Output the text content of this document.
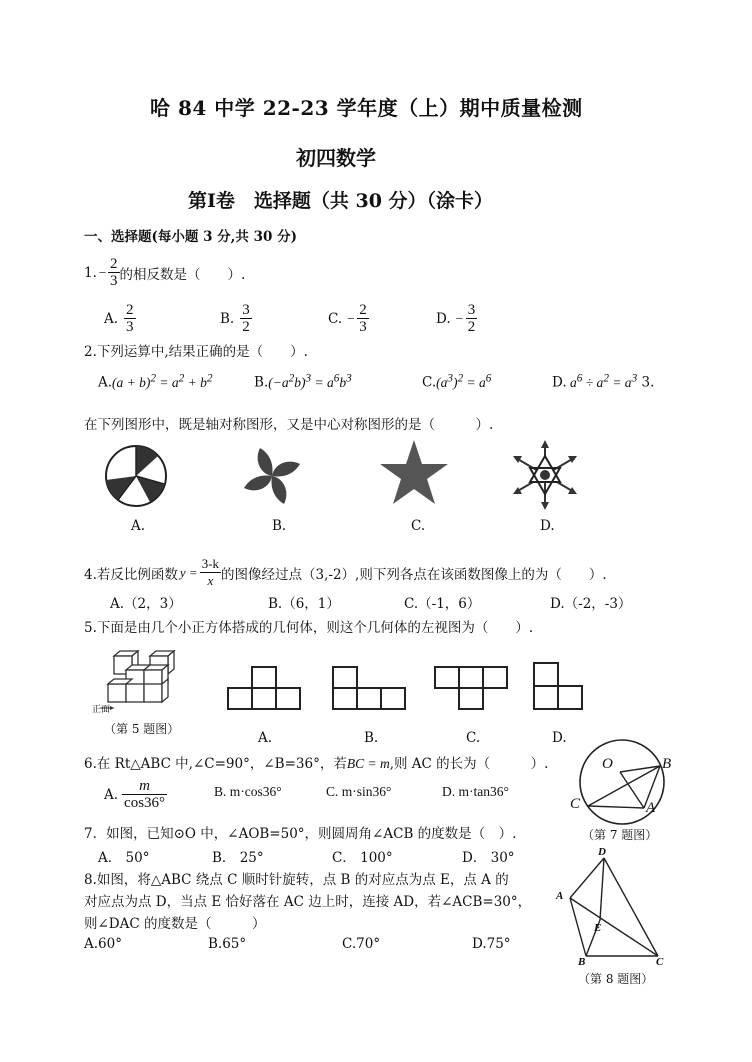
哈 84 中学 22-23 学年度（上）期中质量检测
初四数学
第Ⅰ卷　选择题（共 30 分）（涂卡）
一、选择题(每小题 3 分,共 30 分)
1. − $\frac{2}{3}$ 的相反数是（　　）.
A. $\frac{2}{3}$	B. $\frac{3}{2}$	C. − $\frac{2}{3}$	D. − $\frac{3}{2}$
2.下列运算中,结果正确的是（　　）.
$A.(a + b)^2 = a^2 + b^2$	$B.(-a^2b)^3 = a^6b^3$	$C.(a^3)^2 = a^6$	D. $a^6 \div a^2 = a^3$ 3.
在下列图形中，既是轴对称图形，又是中心对称图形的是（　　　）.
A.	B.	C.	D.
4.若反比例函数 $y = \frac{3-k}{x}$ 的图像经过点（3,-2）,则下列各点在该函数图像上的为（　　）.
A.（2，3）	B.（6，1）	C.（-1，6）	D.（-2，-3）
5.下面是由几个小正方体搭成的几何体，则这个几何体的左视图为（　　）.
正面
（第 5 题图）
A.	B.	C.	D.
6.在 Rt△ABC 中,∠C=90°，∠B=36°，若BC = m,则 AC 的长为（　　　）.
A. $\frac{m}{\cos 36^\circ}$	B. m·cos36°	C. m·sin36°	D. m·tan36°
O	B
C	A
（第 7 题图）
7．如图，已知⊙O 中，∠AOB=50°，则圆周角∠ACB 的度数是（　）.
A． 50°	B． 25°	C． 100°	D． 30°
8.如图，将△ABC 绕点 C 顺时针旋转，点 B 的对应点为点 E，点 A 的
对应点为点 D，当点 E 恰好落在 AC 边上时，连接 AD，若∠ACB=30°，
则∠DAC 的度数是（　　　）
A.60°	B.65°	C.70°	D.75°
D
A
E
B	C
（第 8 题图）
